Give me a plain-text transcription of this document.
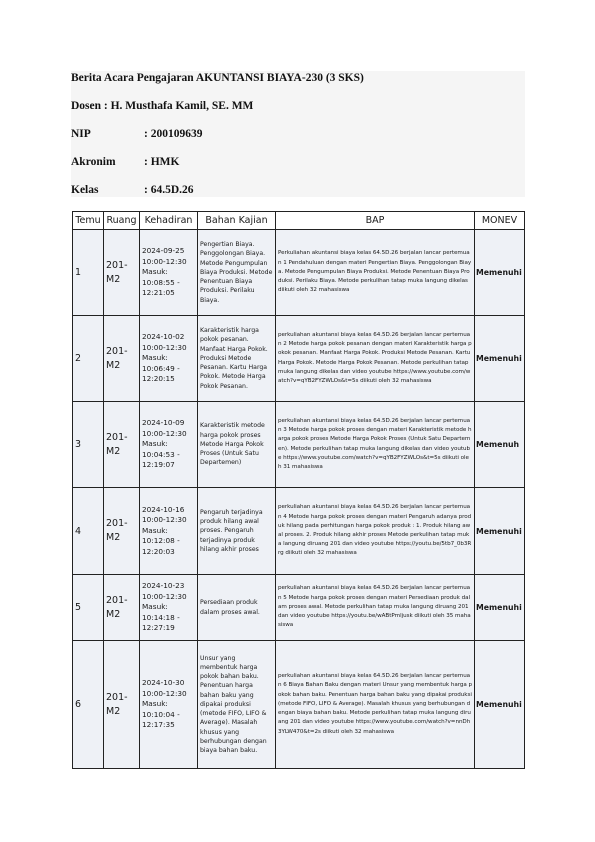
Berita Acara Pengajaran AKUNTANSI BIAYA-230 (3 SKS)
Dosen : H. Musthafa Kamil, SE. MM
NIP	: 200109639
Akronim : HMK
Kelas	: 64.5D.26
Temu	Ruang	Kehadiran	Bahan Kajian	BAP	MONEV
1	201-M2	2024-09-25 10:00-12:30 Masuk: 10:08:55 - 12:21:05	Pengertian Biaya. Penggolongan Biaya. Metode Pengumpulan Biaya Produksi. Metode Penentuan Biaya Produksi. Perilaku Biaya.	Perkuliahan akuntansi biaya kelas 64.5D.26 berjalan lancar pertemuan 1 Pendahuluan dengan materi Pengertian Biaya. Penggolongan Biaya. Metode Pengumpulan Biaya Produksi. Metode Penentuan Biaya Produksi. Perilaku Biaya. Metode perkulihan tatap muka langung dikelas diikuti oleh 32 mahasiswa	Memenuhi
2	201-M2	2024-10-02 10:00-12:30 Masuk: 10:06:49 - 12:20:15	Karakteristik harga pokok pesanan. Manfaat Harga Pokok. Produksi Metode Pesanan. Kartu Harga Pokok. Metode Harga Pokok Pesanan.	perkuliahan akuntansi biaya kelas 64.5D.26 berjalan lancar pertemuan 2 Metode harga pokok pesanan dengan materi Karakteristik harga pokok pesanan. Manfaat Harga Pokok. Produksi Metode Pesanan. Kartu Harga Pokok. Metode Harga Pokok Pesanan. Metode perkulihan tatap muka langung dikelas dan video youtube https://www.youtube.com/watch?v=qYB2FYZWLOs&t=5s diikuti oleh 32 mahasiswa	Memenuhi
3	201-M2	2024-10-09 10:00-12:30 Masuk: 10:04:53 - 12:19:07	Karakteristik metode harga pokok proses Metode Harga Pokok Proses (Untuk Satu Departemen)	perkuliahan akuntansi biaya kelas 64.5D.26 berjalan lancar pertemuan 3 Metode harga pokok proses dengan materi Karakteristik metode harga pokok proses Metode Harga Pokok Proses (Untuk Satu Departemen). Metode perkulihan tatap muka langung dikelas dan video youtube https://www.youtube.com/watch?v=qYB2FYZWLOs&t=5s diikuti oleh 31 mahasiswa	Memenuh
4	201-M2	2024-10-16 10:00-12:30 Masuk: 10:12:08 - 12:20:03	Pengaruh terjadinya produk hilang awal proses. Pengaruh terjadinya produk hilang akhir proses	perkuliahan akuntansi biaya kelas 64.5D.26 berjalan lancar pertemuan 4 Metode harga pokok proses dengan materi Pengaruh adanya produk hilang pada perhitungan harga pokok produk : 1. Produk hilang awal proses. 2. Produk hilang akhir proses Metode perkulihan tatap muka langung diruang 201 dan video youtube https://youtu.be/5tb7_0b3Rrg diikuti oleh 32 mahasiswa	Memenuhi
5	201-M2	2024-10-23 10:00-12:30 Masuk: 10:14:18 - 12:27:19	Persediaan produk dalam proses awal.	perkuliahan akuntansi biaya kelas 64.5D.26 berjalan lancar pertemuan 5 Metode harga pokok proses dengan materi Persediaan produk dalam proses awal. Metode perkulihan tatap muka langung diruang 201 dan video youtube https://youtu.be/wABtPmljusk diikuti oleh 35 mahasiswa	Memenuhi
6	201-M2	2024-10-30 10:00-12:30 Masuk: 10:10:04 - 12:17:35	Unsur yang membentuk harga pokok bahan baku. Penentuan harga bahan baku yang dipakai produksi (metode FIFO, LIFO & Average). Masalah khusus yang berhubungan dengan biaya bahan baku.	perkuliahan akuntansi biaya kelas 64.5D.26 berjalan lancar pertemuan 6 Biaya Bahan Baku dengan materi Unsur yang membentuk harga pokok bahan baku. Penentuan harga bahan baku yang dipakai produksi (metode FIFO, LIFO & Average). Masalah khusus yang berhubungan dengan biaya bahan baku. Metode perkulihan tatap muka langung diruang 201 dan video youtube https://www.youtube.com/watch?v=nnDh3YLW470&t=2s diikuti oleh 32 mahasiswa	Memenuhi
